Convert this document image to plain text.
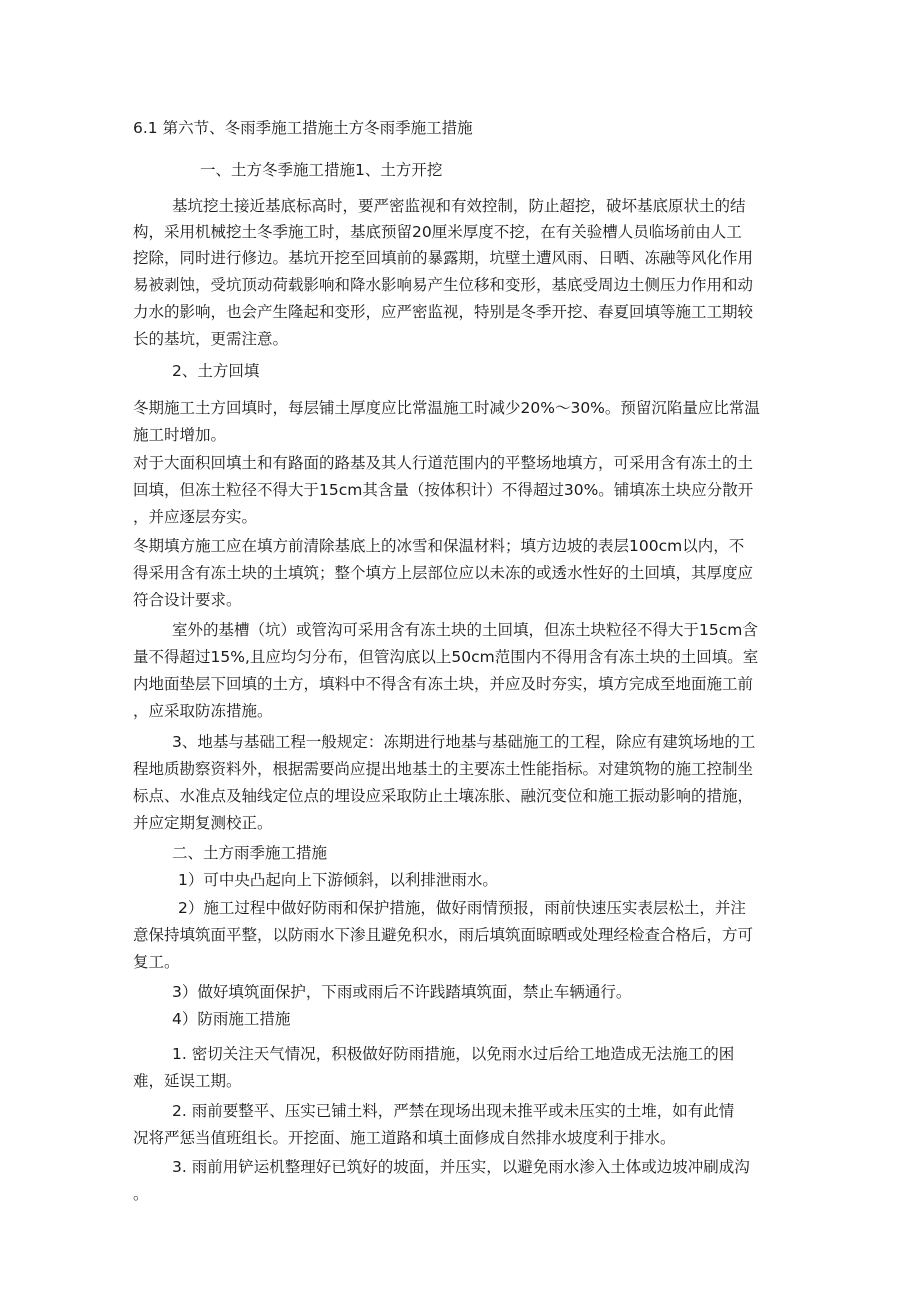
6.1 第六节、冬雨季施工措施土方冬雨季施工措施
一、土方冬季施工措施1、土方开挖
基坑挖土接近基底标高时，要严密监视和有效控制，防止超挖，破坏基底原状土的结
构，采用机械挖土冬季施工时，基底预留20厘米厚度不挖，在有关验槽人员临场前由人工
挖除，同时进行修边。基坑开挖至回填前的暴露期，坑壁土遭风雨、日晒、冻融等风化作用
易被剥蚀，受坑顶动荷载影响和降水影响易产生位移和变形，基底受周边土侧压力作用和动
力水的影响，也会产生隆起和变形，应严密监视，特别是冬季开挖、春夏回填等施工工期较
长的基坑，更需注意。
2、土方回填
冬期施工土方回填时，每层铺土厚度应比常温施工时减少20%～30%。预留沉陷量应比常温
施工时增加。
对于大面积回填土和有路面的路基及其人行道范围内的平整场地填方，可采用含有冻土的土
回填，但冻土粒径不得大于15cm其含量（按体积计）不得超过30%。铺填冻土块应分散开
，并应逐层夯实。
冬期填方施工应在填方前清除基底上的冰雪和保温材料；填方边坡的表层100cm以内，不
得采用含有冻土块的土填筑；整个填方上层部位应以未冻的或透水性好的土回填，其厚度应
符合设计要求。
室外的基槽（坑）或管沟可采用含有冻土块的土回填，但冻土块粒径不得大于15cm含
量不得超过15%,且应均匀分布，但管沟底以上50cm范围内不得用含有冻土块的土回填。室
内地面垫层下回填的土方，填料中不得含有冻土块，并应及时夯实，填方完成至地面施工前
，应采取防冻措施。
3、地基与基础工程一般规定：冻期进行地基与基础施工的工程，除应有建筑场地的工
程地质勘察资料外，根据需要尚应提出地基土的主要冻土性能指标。对建筑物的施工控制坐
标点、水准点及轴线定位点的埋设应采取防止土壤冻胀、融沉变位和施工振动影响的措施，
并应定期复测校正。
二、土方雨季施工措施
1）可中央凸起向上下游倾斜，以利排泄雨水。
2）施工过程中做好防雨和保护措施，做好雨情预报，雨前快速压实表层松土，并注
意保持填筑面平整，以防雨水下渗且避免积水，雨后填筑面晾晒或处理经检查合格后，方可
复工。
3）做好填筑面保护，下雨或雨后不许践踏填筑面，禁止车辆通行。
4）防雨施工措施
1. 密切关注天气情况，积极做好防雨措施，以免雨水过后给工地造成无法施工的困
难，延误工期。
2. 雨前要整平、压实已铺土料，严禁在现场出现未推平或未压实的土堆，如有此情
况将严惩当值班组长。开挖面、施工道路和填土面修成自然排水坡度利于排水。
3. 雨前用铲运机整理好已筑好的坡面，并压实，以避免雨水渗入土体或边坡冲刷成沟
。
